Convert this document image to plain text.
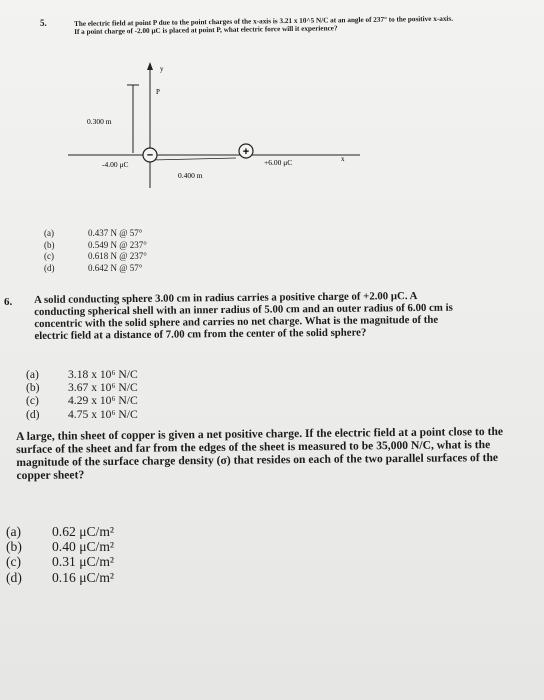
5.	The electric field at point P due to the point charges of the x-axis is 3.21 x 10^5 N/C at an angle of 237° to the positive x-axis. If a point charge of -2.00 μC is placed at point P, what electric force will it experience?
−	+
y
P
0.300 m
-4.00 μC
0.400 m
+6.00 μC	x
(a)	0.437 N @ 57°
(b)	0.549 N @ 237°
(c)	0.618 N @ 237°
(d)	0.642 N @ 57°
6. A solid conducting sphere 3.00 cm in radius carries a positive charge of +2.00 μC. A conducting spherical shell with an inner radius of 5.00 cm and an outer radius of 6.00 cm is concentric with the solid sphere and carries no net charge. What is the magnitude of the electric field at a distance of 7.00 cm from the center of the solid sphere?
(a)	3.18 x 10⁶ N/C
(b)	3.67 x 10⁶ N/C
(c)	4.29 x 10⁶ N/C
(d)	4.75 x 10⁶ N/C
A large, thin sheet of copper is given a net positive charge. If the electric field at a point close to the surface of the sheet and far from the edges of the sheet is measured to be 35,000 N/C, what is the magnitude of the surface charge density (σ) that resides on each of the two parallel surfaces of the copper sheet?
(a)	0.62 μC/m²
(b)	0.40 μC/m²
(c)	0.31 μC/m²
(d)	0.16 μC/m²
